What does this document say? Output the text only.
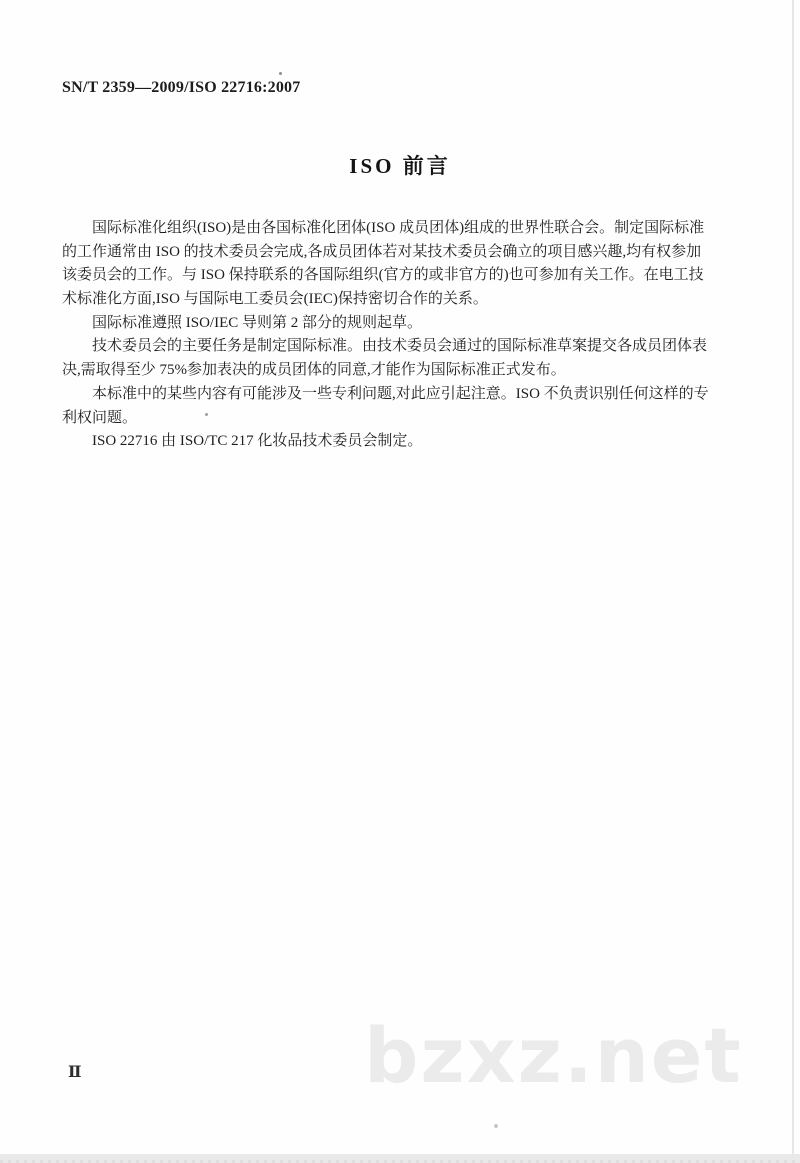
SN/T 2359—2009/ISO 22716:2007
ISO 前言
国际标准化组织(ISO)是由各国标准化团体(ISO 成员团体)组成的世界性联合会。制定国际标准
的工作通常由 ISO 的技术委员会完成,各成员团体若对某技术委员会确立的项目感兴趣,均有权参加
该委员会的工作。与 ISO 保持联系的各国际组织(官方的或非官方的)也可参加有关工作。在电工技
术标准化方面,ISO 与国际电工委员会(IEC)保持密切合作的关系。
国际标准遵照 ISO/IEC 导则第 2 部分的规则起草。
技术委员会的主要任务是制定国际标准。由技术委员会通过的国际标准草案提交各成员团体表
决,需取得至少 75%参加表决的成员团体的同意,才能作为国际标准正式发布。
本标准中的某些内容有可能涉及一些专利问题,对此应引起注意。ISO 不负责识别任何这样的专
利权问题。
ISO 22716 由 ISO/TC 217 化妆品技术委员会制定。
Ⅱ	bzxz.net
